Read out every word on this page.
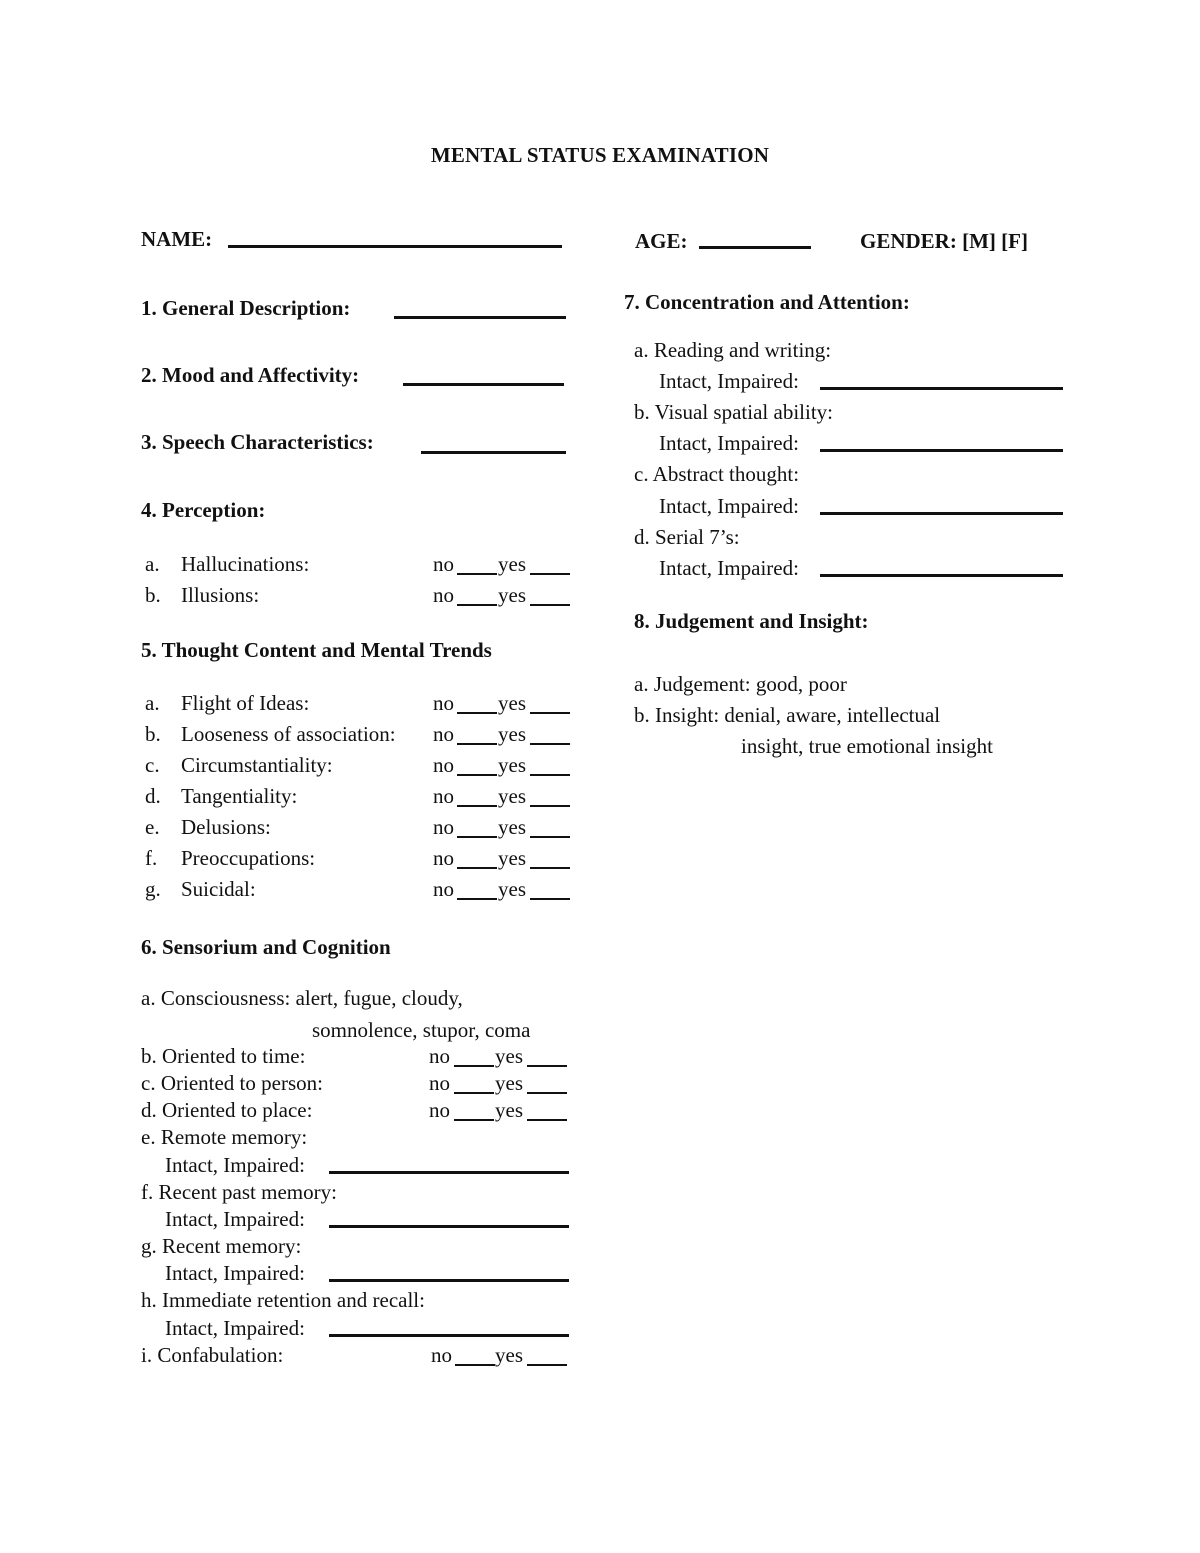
MENTAL STATUS EXAMINATION
NAME:	AGE:	GENDER: [M] [F]
1. General Description:
2. Mood and Affectivity:
3. Speech Characteristics:
4. Perception:
a. Hallucinations:	no yes
b. Illusions:	no yes
5. Thought Content and Mental Trends
a. Flight of Ideas:	no yes
b. Looseness of association: no yes
c. Circumstantiality:	no yes
d. Tangentiality:	no yes
e. Delusions:	no yes
f. Preoccupations:	no yes
g. Suicidal:	no yes
6. Sensorium and Cognition
a. Consciousness: alert, fugue, cloudy,
somnolence, stupor, coma
b. Oriented to time:	no yes
c. Oriented to person:	no yes
d. Oriented to place:	no yes
e. Remote memory:
Intact, Impaired:
f. Recent past memory:
Intact, Impaired:
g. Recent memory:
Intact, Impaired:
h. Immediate retention and recall:
Intact, Impaired:
i. Confabulation:	no yes
7. Concentration and Attention:
a. Reading and writing:
Intact, Impaired:
b. Visual spatial ability:
Intact, Impaired:
c. Abstract thought:
Intact, Impaired:
d. Serial 7’s:
Intact, Impaired:
8. Judgement and Insight:
a. Judgement: good, poor
b. Insight: denial, aware, intellectual
insight, true emotional insight
